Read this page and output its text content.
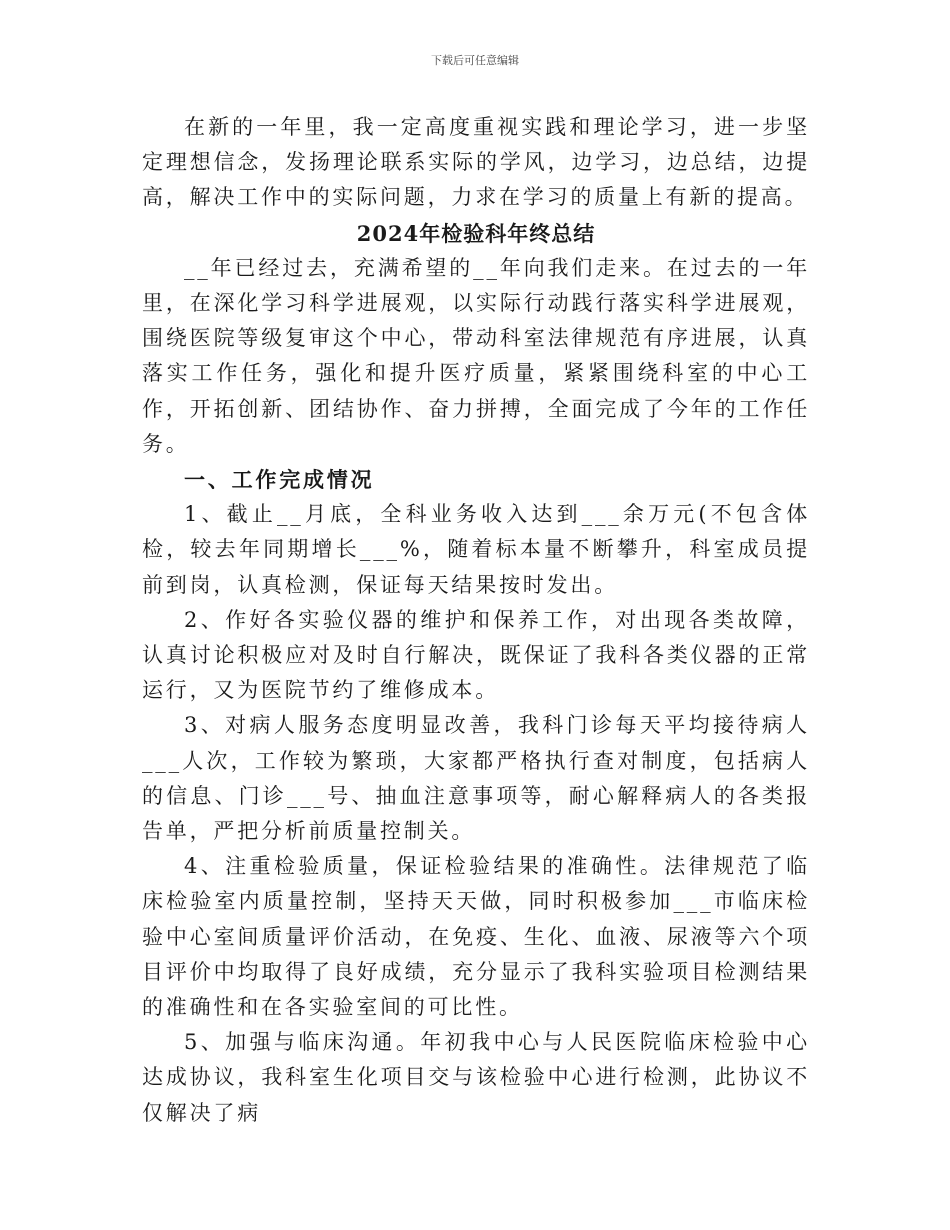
下载后可任意编辑

在新的一年里，我一定高度重视实践和理论学习，进一步坚定理想信念，发扬理论联系实际的学风，边学习，边总结，边提高，解决工作中的实际问题，力求在学习的质量上有新的提高。

2024年检验科年终总结

__年已经过去，充满希望的__年向我们走来。在过去的一年里，在深化学习科学进展观，以实际行动践行落实科学进展观，围绕医院等级复审这个中心，带动科室法律规范有序进展，认真落实工作任务，强化和提升医疗质量，紧紧围绕科室的中心工作，开拓创新、团结协作、奋力拼搏，全面完成了今年的工作任务。

一、工作完成情况

1、截止__月底，全科业务收入达到___余万元(不包含体检，较去年同期增长___%，随着标本量不断攀升，科室成员提前到岗，认真检测，保证每天结果按时发出。

2、作好各实验仪器的维护和保养工作，对出现各类故障，认真讨论积极应对及时自行解决，既保证了我科各类仪器的正常运行，又为医院节约了维修成本。

3、对病人服务态度明显改善，我科门诊每天平均接待病人___人次，工作较为繁琐，大家都严格执行查对制度，包括病人的信息、门诊___号、抽血注意事项等，耐心解释病人的各类报告单，严把分析前质量控制关。

4、注重检验质量，保证检验结果的准确性。法律规范了临床检验室内质量控制，坚持天天做，同时积极参加___市临床检验中心室间质量评价活动，在免疫、生化、血液、尿液等六个项目评价中均取得了良好成绩，充分显示了我科实验项目检测结果的准确性和在各实验室间的可比性。

5、加强与临床沟通。年初我中心与人民医院临床检验中心达成协议，我科室生化项目交与该检验中心进行检测，此协议不仅解决了病
